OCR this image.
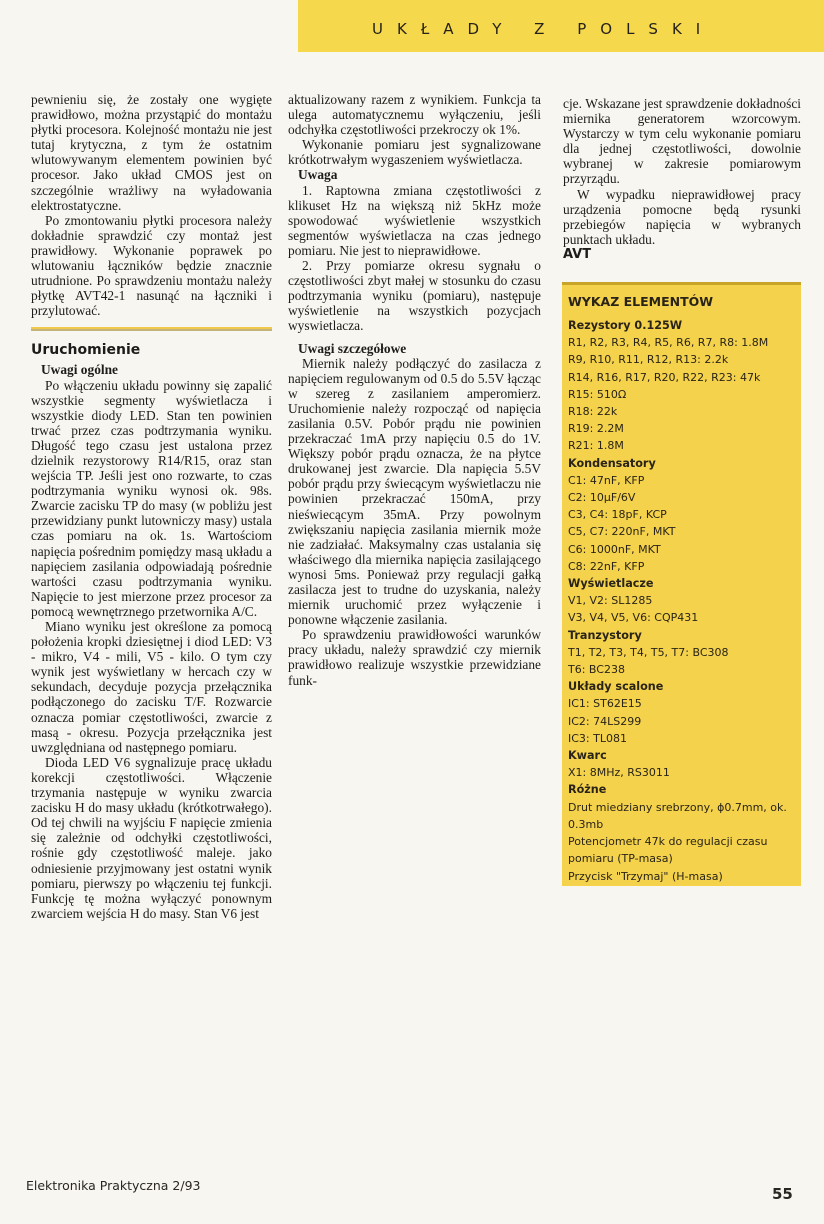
UKŁADY Z POLSKI

pewnieniu się, że zostały one wygięte prawidłowo, można przystąpić do montażu płytki procesora. Kolejność montażu nie jest tutaj krytyczna, z tym że ostatnim wlutowywanym elementem powinien być procesor. Jako układ CMOS jest on szczególnie wrażliwy na wyładowania elektrostatyczne.

Po zmontowaniu płytki procesora należy dokładnie sprawdzić czy montaż jest prawidłowy. Wykonanie poprawek po wlutowaniu łączników będzie znacznie utrudnione. Po sprawdzeniu montażu należy płytkę AVT42-1 nasunąć na łączniki i przylutować.

Uruchomienie
Uwagi ogólne

Po włączeniu układu powinny się zapalić wszystkie segmenty wyświetlacza i wszystkie diody LED. Stan ten powinien trwać przez czas podtrzymania wyniku. Długość tego czasu jest ustalona przez dzielnik rezystorowy R14/R15, oraz stan wejścia TP. Jeśli jest ono rozwarte, to czas podtrzymania wyniku wynosi ok. 98s. Zwarcie zacisku TP do masy (w pobliżu jest przewidziany punkt lutowniczy masy) ustala czas pomiaru na ok. 1s. Wartościom napięcia pośrednim pomiędzy masą układu a napięciem zasilania odpowiadają pośrednie wartości czasu podtrzymania wyniku. Napięcie to jest mierzone przez procesor za pomocą wewnętrznego przetwornika A/C.

Miano wyniku jest określone za pomocą położenia kropki dziesiętnej i diod LED: V3 - mikro, V4 - mili, V5 - kilo. O tym czy wynik jest wyświetlany w hercach czy w sekundach, decyduje pozycja przełącznika podłączonego do zacisku T/F. Rozwarcie oznacza pomiar częstotliwości, zwarcie z masą - okresu. Pozycja przełącznika jest uwzględniana od następnego pomiaru.

Dioda LED V6 sygnalizuje pracę układu korekcji częstotliwości. Włączenie trzymania następuje w wyniku zwarcia zacisku H do masy układu (krótkotrwałego). Od tej chwili na wyjściu F napięcie zmienia się zależnie od odchyłki częstotliwości, rośnie gdy częstotliwość maleje. jako odniesienie przyjmowany jest ostatni wynik pomiaru, pierwszy po włączeniu tej funkcji. Funkcję tę można wyłączyć ponownym zwarciem wejścia H do masy. Stan V6 jest

aktualizowany razem z wynikiem. Funkcja ta ulega automatycznemu wyłączeniu, jeśli odchyłka częstotliwości przekroczy ok 1%.

Wykonanie pomiaru jest sygnalizowane krótkotrwałym wygaszeniem wyświetlacza.

Uwaga

1. Raptowna zmiana częstotliwości z klikuset Hz na większą niż 5kHz może spowodować wyświetlenie wszystkich segmentów wyświetlacza na czas jednego pomiaru. Nie jest to nieprawidłowe.

2. Przy pomiarze okresu sygnału o częstotliwości zbyt małej w stosunku do czasu podtrzymania wyniku (pomiaru), następuje wyświetlenie na wszystkich pozycjach wyswietlacza.

Uwagi szczegółowe

Miernik należy podłączyć do zasilacza z napięciem regulowanym od 0.5 do 5.5V łącząc w szereg z zasilaniem amperomierz. Uruchomienie należy rozpocząć od napięcia zasilania 0.5V. Pobór prądu nie powinien przekraczać 1mA przy napięciu 0.5 do 1V. Większy pobór prądu oznacza, że na płytce drukowanej jest zwarcie. Dla napięcia 5.5V pobór prądu przy świecącym wyświetlaczu nie powinien przekraczać 150mA, przy nieświecącym 35mA. Przy powolnym zwiększaniu napięcia zasilania miernik może nie zadziałać. Maksymalny czas ustalania się właściwego dla miernika napięcia zasilającego wynosi 5ms. Ponieważ przy regulacji gałką zasilacza jest to trudne do uzyskania, należy miernik uruchomić przez wyłączenie i ponowne włączenie zasilania.

Po sprawdzeniu prawidłowości warunków pracy układu, należy sprawdzić czy miernik prawidłowo realizuje wszystkie przewidziane funk-

cje. Wskazane jest sprawdzenie dokładności miernika generatorem wzorcowym. Wystarczy w tym celu wykonanie pomiaru dla jednej częstotliwości, dowolnie wybranej w zakresie pomiarowym przyrządu.

W wypadku nieprawidłowej pracy urządzenia pomocne będą rysunki przebiegów napięcia w wybranych punktach układu.

AVT
WYKAZ ELEMENTÓW
Rezystory 0.125W
R1, R2, R3, R4, R5, R6, R7, R8: 1.8M
R9, R10, R11, R12, R13: 2.2k
R14, R16, R17, R20, R22, R23: 47k
R15: 510Ω
R18: 22k
R19: 2.2M
R21: 1.8M
Kondensatory
C1: 47nF, KFP
C2: 10μF/6V
C3, C4: 18pF, KCP
C5, C7: 220nF, MKT
C6: 1000nF, MKT
C8: 22nF, KFP
Wyświetlacze
V1, V2: SL1285
V3, V4, V5, V6: CQP431
Tranzystory
T1, T2, T3, T4, T5, T7: BC308
T6: BC238
Układy scalone
IC1: ST62E15
IC2: 74LS299
IC3: TL081
Kwarc
X1: 8MHz, RS3011
Różne
Drut miedziany srebrzony, ϕ0.7mm, ok. 0.3mb
Potencjometr 47k do regulacji czasu pomiaru (TP-masa)
Przycisk "Trzymaj" (H-masa)
Elektronika Praktyczna 2/93	55
